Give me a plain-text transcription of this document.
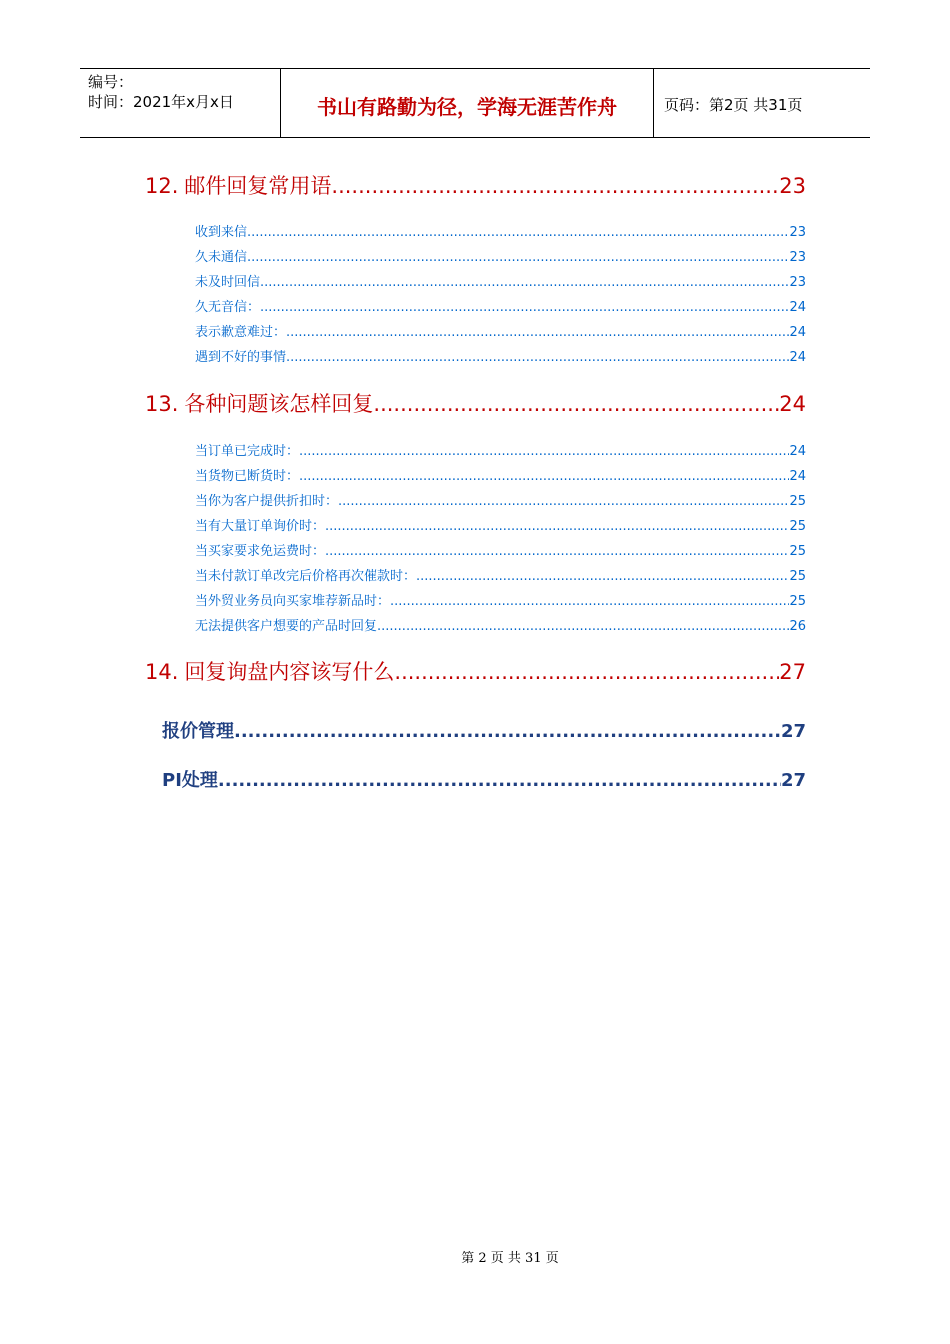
编号：
时间：2021年x月x日	书山有路勤为径，学海无涯苦作舟	页码：第2页 共31页
12. 邮件回复常用语 .....	23
收到来信 .....	23
久未通信 .....	23
未及时回信 .....	23
久无音信： .....	24
表示歉意难过： .....	24
遇到不好的事情 .....	24
13. 各种问题该怎样回复 .....	24
当订单已完成时： .....	24
当货物已断货时： .....	24
当你为客户提供折扣时： .....	25
当有大量订单询价时： .....	25
当买家要求免运费时： .....	25
当未付款订单改完后价格再次催款时： .....	25
当外贸业务员向买家堆荐新品时： .....	25
无法提供客户想要的产品时回复 .....	26
14. 回复询盘内容该写什么 .....	27
报价管理 .....	27
PI处理 .....	27
第 2 页 共 31 页
